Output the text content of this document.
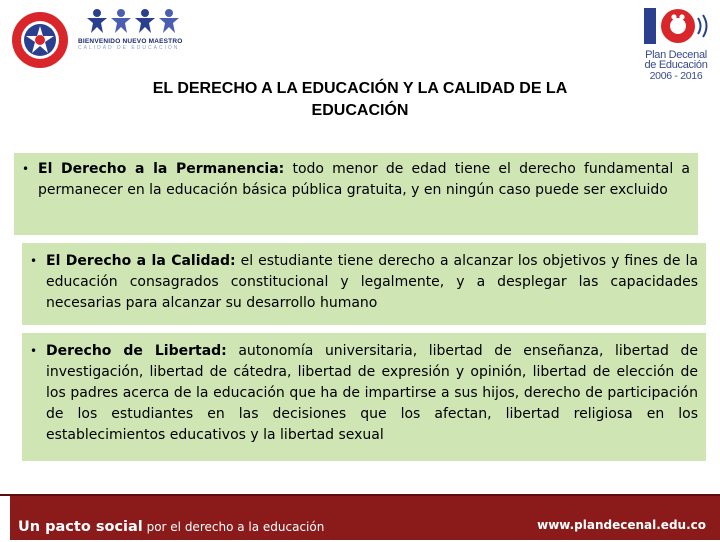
BIENVENIDO NUEVO MAESTRO
CALIDAD DE EDUCACIÓN
Plan Decenal
de Educación
2006 - 2016
EL DERECHO A LA EDUCACIÓN Y LA CALIDAD DE LA
EDUCACIÓN

• El Derecho a la Permanencia: todo menor de edad tiene el derecho fundamental a permanecer en la educación básica pública gratuita, y en ningún caso puede ser excluido

• El Derecho a la Calidad: el estudiante tiene derecho a alcanzar los objetivos y fines de la educación consagrados constitucional y legalmente, y a desplegar las capacidades necesarias para alcanzar su desarrollo humano

• Derecho de Libertad: autonomía universitaria, libertad de enseñanza, libertad de investigación, libertad de cátedra, libertad de expresión y opinión, libertad de elección de los padres acerca de la educación que ha de impartirse a sus hijos, derecho de participación de los estudiantes en las decisiones que los afectan, libertad religiosa en los establecimientos educativos y la libertad sexual

Un pacto social por el derecho a la educación	www.plandecenal.edu.co
